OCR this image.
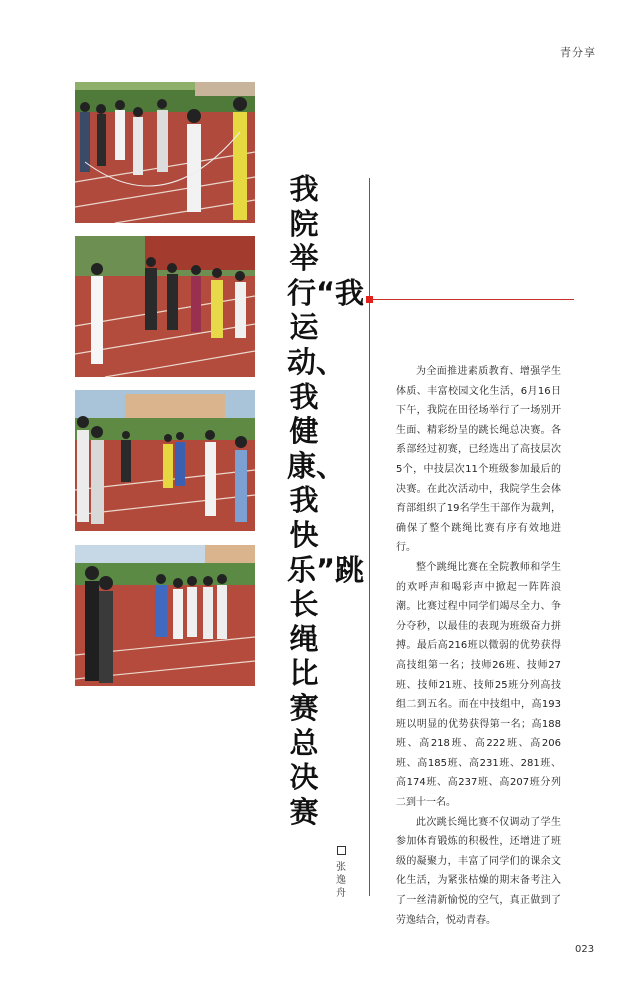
青分享
我院举行“我运动、我健康、我快乐”跳长绳比赛总决赛
张逸舟

为全面推进素质教育、增强学生体质、丰富校园文化生活，6月16日下午，我院在田径场举行了一场别开生面、精彩纷呈的跳长绳总决赛。各系部经过初赛，已经选出了高技层次5个，中技层次11个班级参加最后的决赛。在此次活动中，我院学生会体育部组织了19名学生干部作为裁判，确保了整个跳绳比赛有序有效地进行。

整个跳绳比赛在全院教师和学生的欢呼声和喝彩声中掀起一阵阵浪潮。比赛过程中同学们竭尽全力、争分夺秒，以最佳的表现为班级奋力拼搏。最后高216班以微弱的优势获得高技组第一名；技师26班、技师27班、技师21班、技师25班分列高技组二到五名。而在中技组中，高193班以明显的优势获得第一名；高188班、高218班、高222班、高206班、高185班、高231班、281班、高174班、高237班、高207班分列二到十一名。

此次跳长绳比赛不仅调动了学生参加体育锻炼的积极性，还增进了班级的凝聚力，丰富了同学们的课余文化生活，为紧张枯燥的期末备考注入了一丝清新愉悦的空气，真正做到了劳逸结合，悦动青春。

023
